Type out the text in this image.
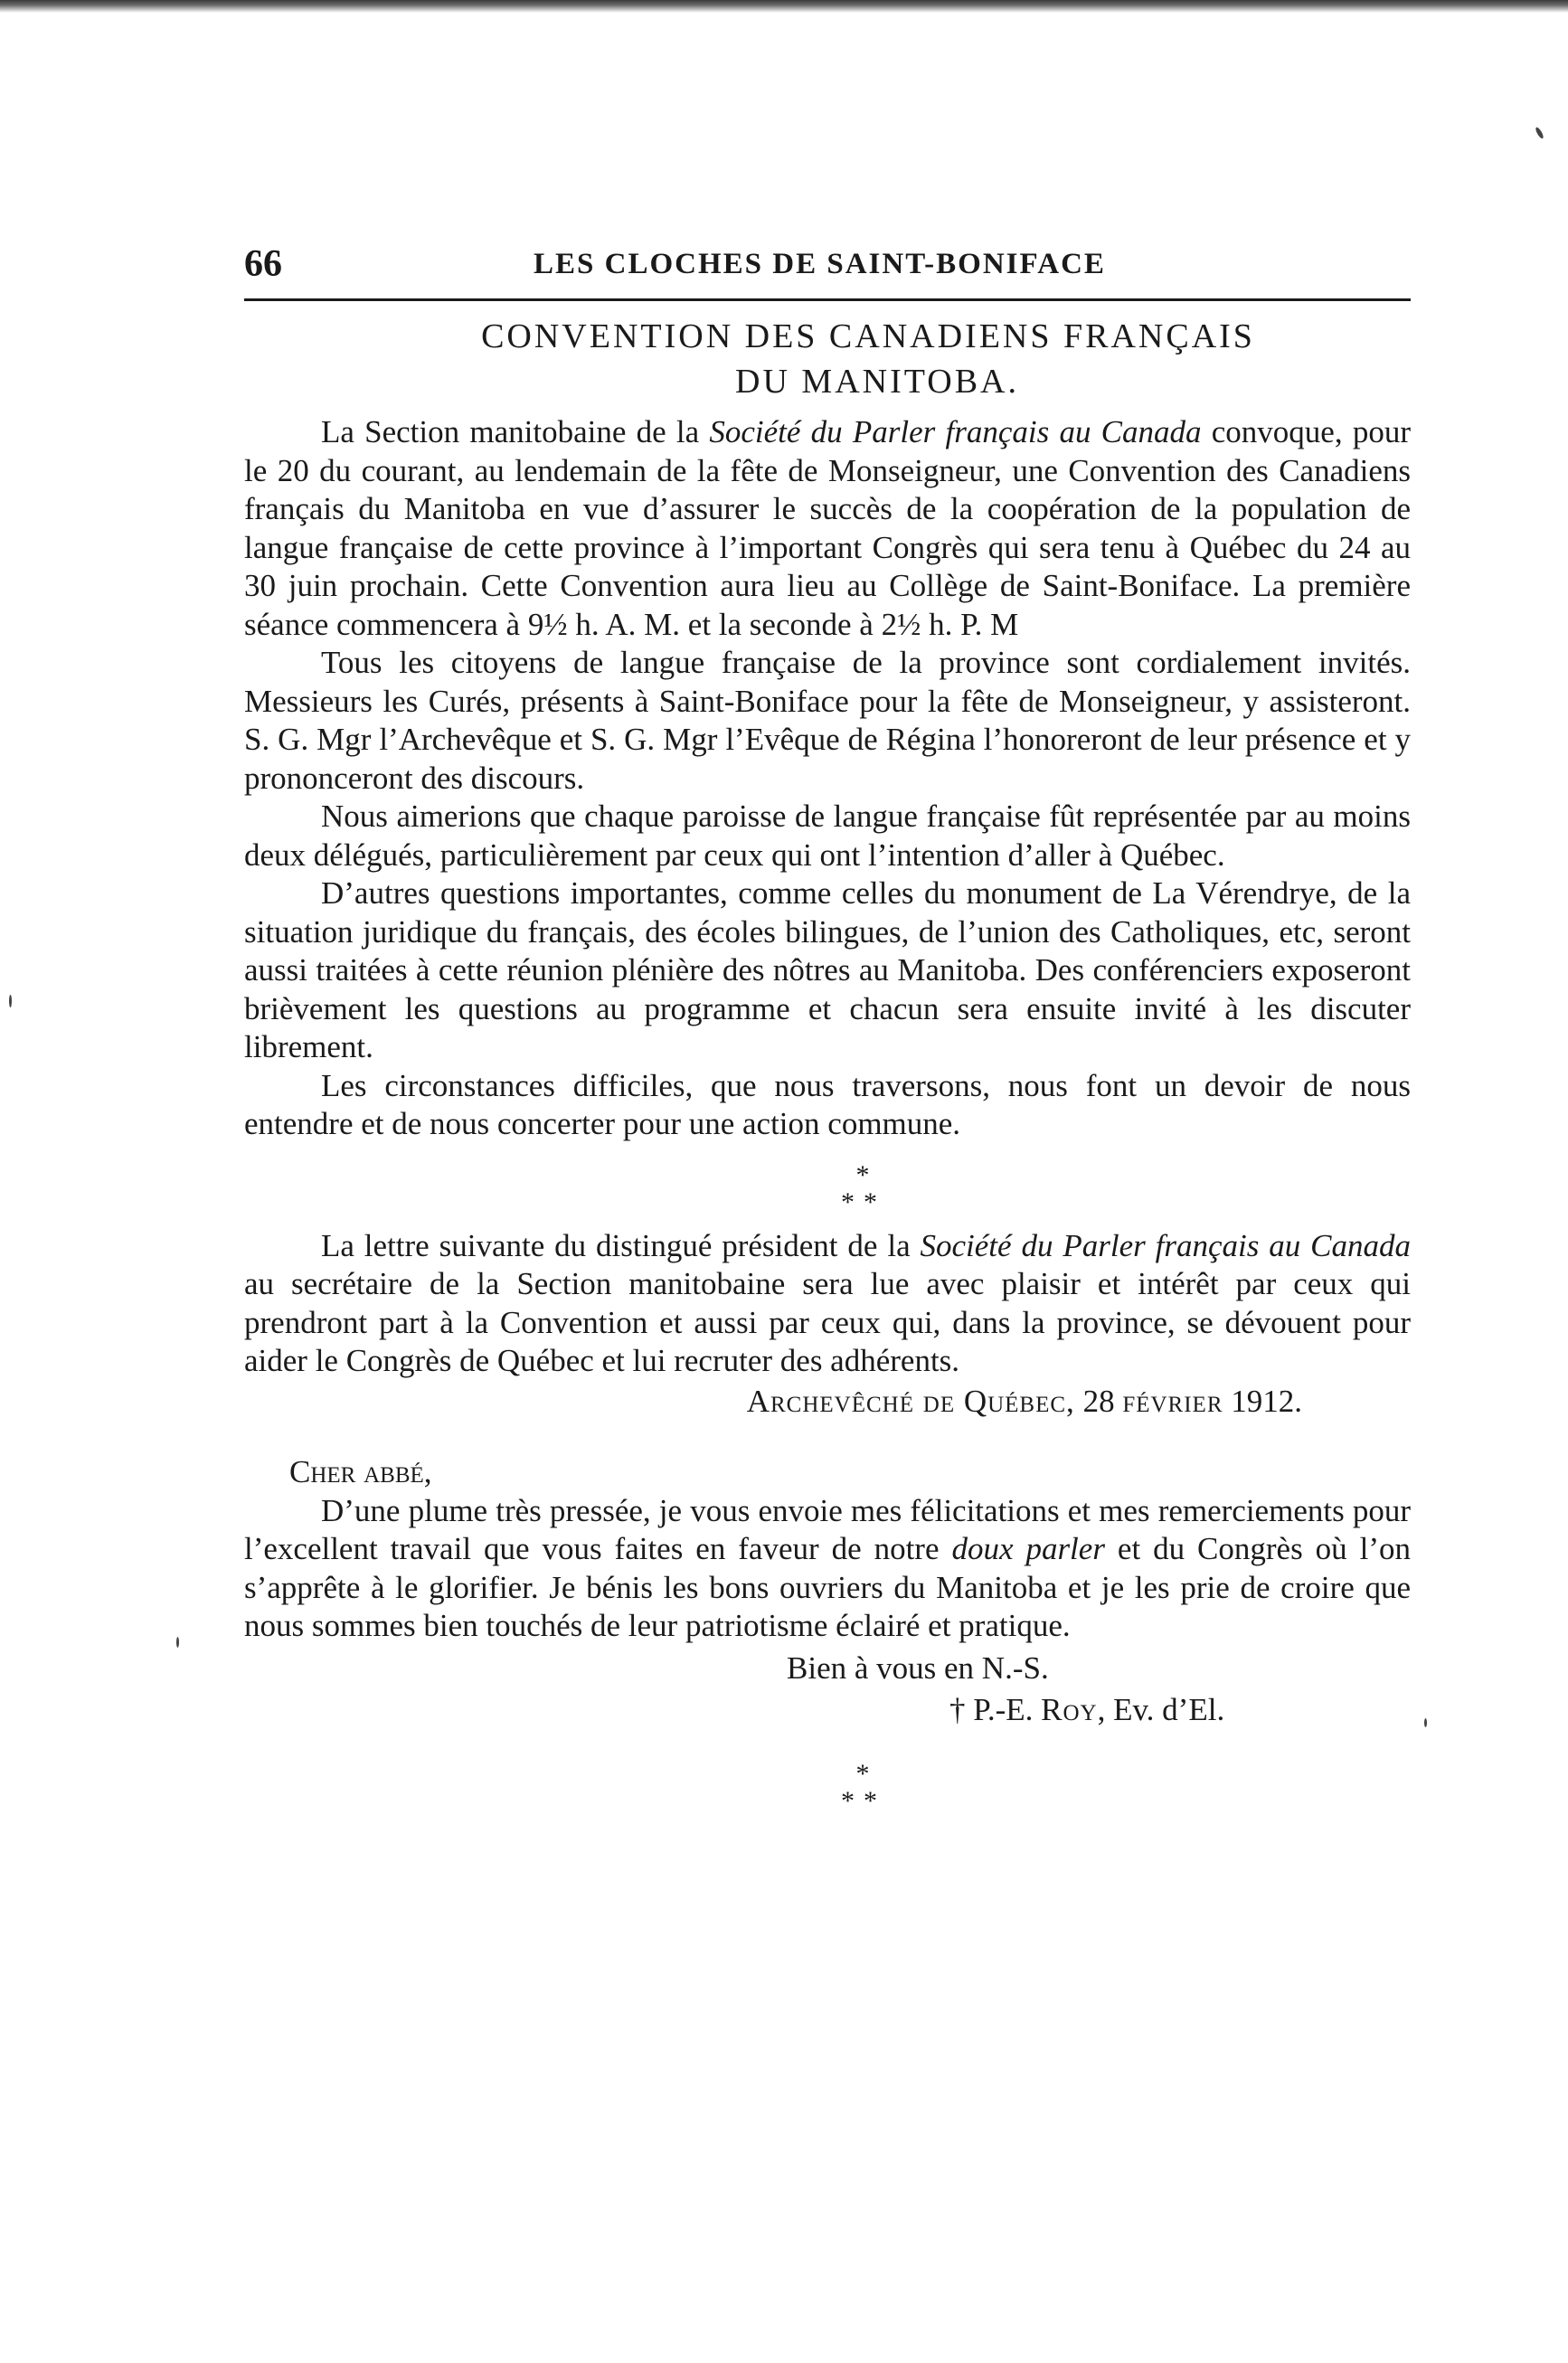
66	LES CLOCHES DE SAINT-BONIFACE
CONVENTION DES CANADIENS FRANÇAIS
DU MANITOBA.

La Section manitobaine de la Société du Parler français au Canada convoque, pour le 20 du courant, au lendemain de la fête de Monseigneur, une Convention des Canadiens français du Manitoba en vue d’assurer le succès de la coopération de la population de langue française de cette province à l’important Congrès qui sera tenu à Québec du 24 au 30 juin prochain. Cette Convention aura lieu au Collège de Saint-Boniface. La première séance commencera à 9½ h. A. M. et la seconde à 2½ h. P. M

Tous les citoyens de langue française de la province sont cordialement invités. Messieurs les Curés, présents à Saint-Boniface pour la fête de Monseigneur, y assisteront. S. G. Mgr l’Archevêque et S. G. Mgr l’Evêque de Régina l’honoreront de leur présence et y prononceront des discours.

Nous aimerions que chaque paroisse de langue française fût représentée par au moins deux délégués, particulièrement par ceux qui ont l’intention d’aller à Québec.

D’autres questions importantes, comme celles du monument de La Vérendrye, de la situation juridique du français, des écoles bilingues, de l’union des Catholiques, etc, seront aussi traitées à cette réunion plénière des nôtres au Manitoba. Des conférenciers exposeront brièvement les questions au programme et chacun sera ensuite invité à les discuter librement.

Les circonstances difficiles, que nous traversons, nous font un devoir de nous entendre et de nous concerter pour une action commune.

*
**

La lettre suivante du distingué président de la Société du Parler français au Canada au secrétaire de la Section manitobaine sera lue avec plaisir et intérêt par ceux qui prendront part à la Convention et aussi par ceux qui, dans la province, se dévouent pour aider le Congrès de Québec et lui recruter des adhérents.

Archevêché de Québec, 28 février 1912.
Cher abbé,

D’une plume très pressée, je vous envoie mes félicitations et mes remerciements pour l’excellent travail que vous faites en faveur de notre doux parler et du Congrès où l’on s’apprête à le glorifier. Je bénis les bons ouvriers du Manitoba et je les prie de croire que nous sommes bien touchés de leur patriotisme éclairé et pratique.

Bien à vous en N.-S.
† P.-E. Roy, Ev. d’El.
*
**
